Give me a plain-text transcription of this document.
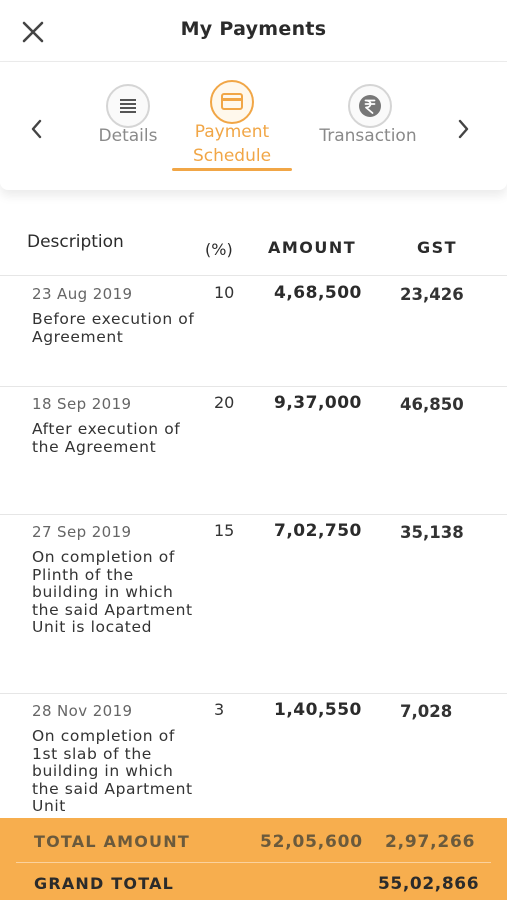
My Payments
Details	Payment
Schedule
Transaction
Description	(%) AMOUNT	GST
23 Aug 2019
Before execution of Agreement
10 4,68,500 23,426
18 Sep 2019
After execution of the Agreement
20 9,37,000 46,850
27 Sep 2019
On completion of Plinth of the building in which the said Apartment Unit is located
15 7,02,750 35,138
28 Nov 2019
On completion of 1st slab of the building in which the said Apartment Unit
3	1,40,550 7,028
TOTAL AMOUNT	52,05,600 2,97,266
GRAND TOTAL	55,02,866
